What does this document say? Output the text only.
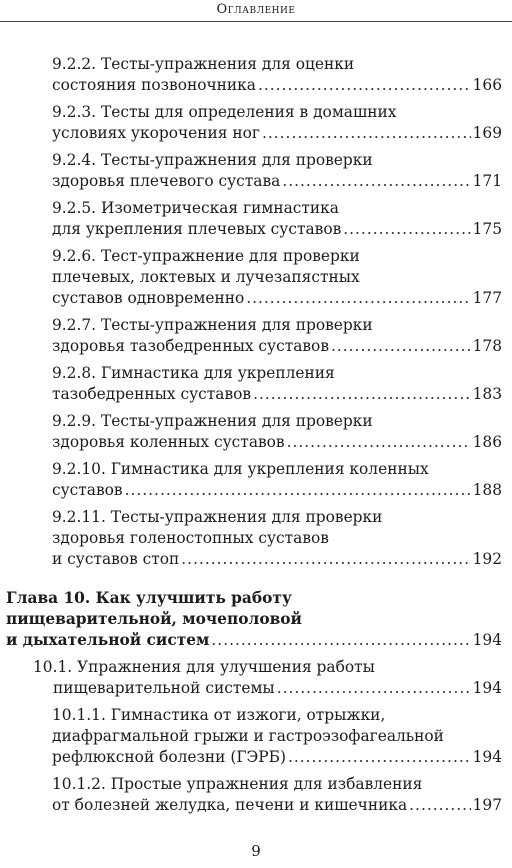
Оглавление
9.2.2. Тесты-упражнения для оценки
состояния позвоночника .....	166
9.2.3. Тесты для определения в домашних
условиях укорочения ног .....	169
9.2.4. Тесты-упражнения для проверки
здоровья плечевого сустава .....	171
9.2.5. Изометрическая гимнастика
для укрепления плечевых суставов .....	175
9.2.6. Тест-упражнение для проверки
плечевых, локтевых и лучезапястных
суставов одновременно .....	177
9.2.7. Тесты-упражнения для проверки
здоровья тазобедренных суставов .....	178
9.2.8. Гимнастика для укрепления
тазобедренных суставов .....	183
9.2.9. Тесты-упражнения для проверки
здоровья коленных суставов .....	186
9.2.10. Гимнастика для укрепления коленных
суставов .....	188
9.2.11. Тесты-упражнения для проверки
здоровья голеностопных суставов
и суставов стоп .....	192
Глава 10. Как улучшить работу
пищеварительной, мочеполовой
и дыхательной систем .....	194
10.1. Упражнения для улучшения работы
пищеварительной системы .....	194
10.1.1. Гимнастика от изжоги, отрыжки,
диафрагмальной грыжи и гастроэзофагеальной
рефлюксной болезни (ГЭРБ) .....	194
10.1.2. Простые упражнения для избавления
от болезней желудка, печени и кишечника .....	197
9
